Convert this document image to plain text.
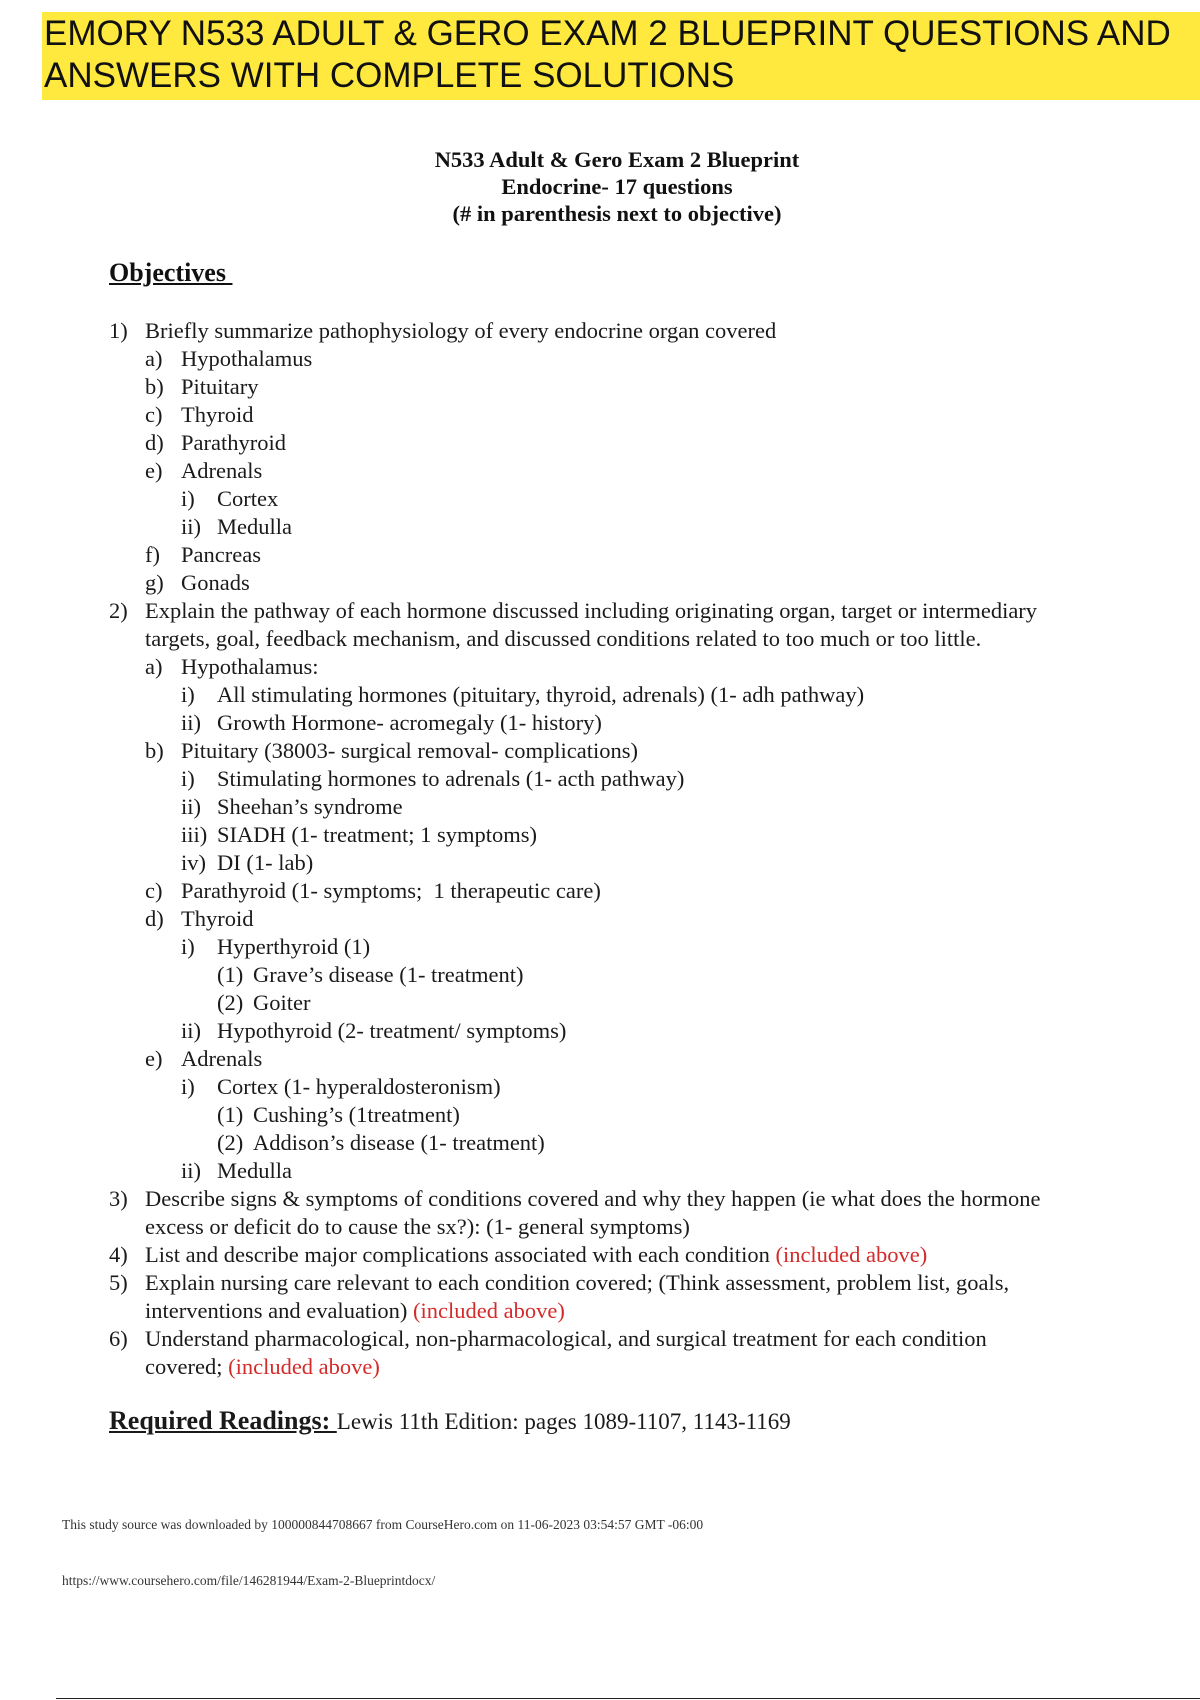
EMORY N533 ADULT & GERO EXAM 2 BLUEPRINT QUESTIONS AND
ANSWERS WITH COMPLETE SOLUTIONS
N533 Adult & Gero Exam 2 Blueprint
Endocrine- 17 questions
(# in parenthesis next to objective)
Objectives
1) Briefly summarize pathophysiology of every endocrine organ covered
a) Hypothalamus
b) Pituitary
c) Thyroid
d) Parathyroid
e) Adrenals
i) Cortex
ii) Medulla
f) Pancreas
g) Gonads
2) Explain the pathway of each hormone discussed including originating organ, target or intermediary
targets, goal, feedback mechanism, and discussed conditions related to too much or too little.
a) Hypothalamus:
i) All stimulating hormones (pituitary, thyroid, adrenals) (1- adh pathway)
ii) Growth Hormone- acromegaly (1- history)
b) Pituitary (38003- surgical removal- complications)
i) Stimulating hormones to adrenals (1- acth pathway)
ii) Sheehan’s syndrome
iii) SIADH (1- treatment; 1 symptoms)
iv) DI (1- lab)
c) Parathyroid (1- symptoms;  1 therapeutic care)
d) Thyroid
i) Hyperthyroid (1)
(1) Grave’s disease (1- treatment)
(2) Goiter
ii) Hypothyroid (2- treatment/ symptoms)
e) Adrenals
i) Cortex (1- hyperaldosteronism)
(1) Cushing’s (1treatment)
(2) Addison’s disease (1- treatment)
ii) Medulla
3) Describe signs & symptoms of conditions covered and why they happen (ie what does the hormone
excess or deficit do to cause the sx?): (1- general symptoms)
4) List and describe major complications associated with each condition (included above)
5) Explain nursing care relevant to each condition covered; (Think assessment, problem list, goals,
interventions and evaluation) (included above)
6) Understand pharmacological, non-pharmacological, and surgical treatment for each condition
covered; (included above)
Required Readings: Lewis 11th Edition: pages 1089-1107, 1143-1169
This study source was downloaded by 100000844708667 from CourseHero.com on 11-06-2023 03:54:57 GMT -06:00
https://www.coursehero.com/file/146281944/Exam-2-Blueprintdocx/
